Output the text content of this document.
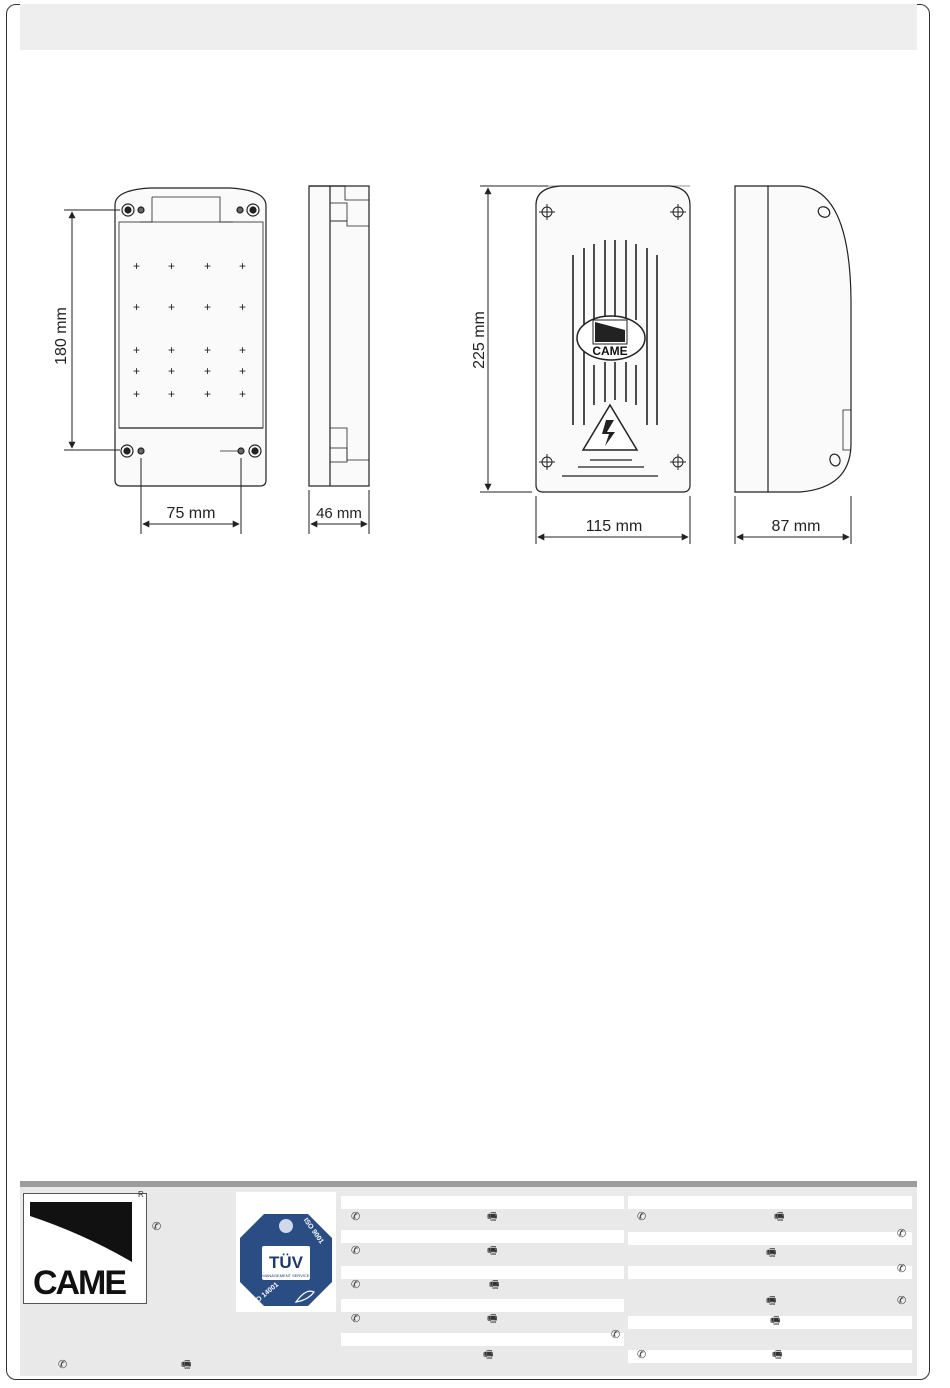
+ + + +
+ + + +
+ + + +
+ + + +
+ + + +
180 mm
75 mm	46 mm
CAME
225 mm
115 mm	87 mm
CAME
R
TÜV
MANAGEMENT SERVICE
ISO 9001
ISO 14001
✆
✆	🖷
✆	🖷
✆	🖷
✆	🖷
✆
🖷
✆	🖷
✆
🖷
✆
🖷	✆
🖷
✆	🖷
✆	🖷
